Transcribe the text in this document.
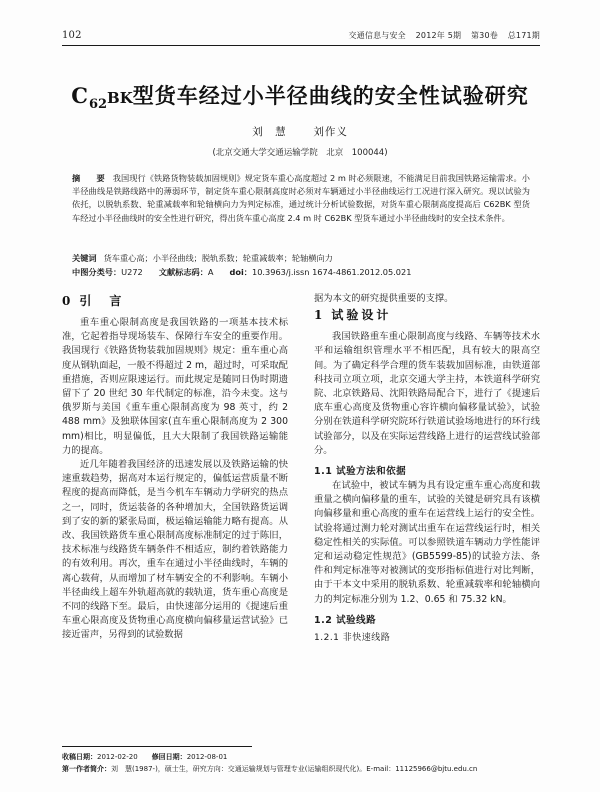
102	交通信息与安全 2012年 5期 第30卷 总171期
$C_{62}BK$型货车经过小半径曲线的安全性试验研究
刘　慧	刘作义
(北京交通大学交通运输学院　北京　100044)
摘　要 我国现行《铁路货物装载加固规则》规定货车重心高度超过 2 m 时必须限速，不能满足目前我国铁路运输需求。小半径曲线是铁路线路中的薄弱环节，制定货车重心限制高度时必须对车辆通过小半径曲线运行工况进行深入研究。现以试验为依托，以脱轨系数、轮重减载率和轮轴横向力为判定标准，通过统计分析试验数据，对货车重心限制高度提高后 C62BK 型货车经过小半径曲线时的安全性进行研究，得出货车重心高度 2.4 m 时 C62BK 型货车通过小半径曲线时的安全技术条件。
关键词 货车重心高；小半径曲线；脱轨系数；轮重减载率；轮轴横向力
中图分类号：U272 文献标志码：A doi：10.3963/j.issn 1674-4861.2012.05.021
0 引　言

重车重心限制高度是我国铁路的一项基本技术标准，它起着指导现场装车、保障行车安全的重要作用。我国现行《铁路货物装载加固规则》规定：重车重心高度从钢轨面起，一般不得超过 2 m，超过时，可采取配重措施，否则应限速运行。而此规定是随同日伪时期遗留下了 20 世纪 30 年代制定的标准，沿今未变。这与俄罗斯与美国《重车重心限制高度为 98 英寸，约 2 488 mm》及独联体国家(直车重心限制高度为 2 300 mm)相比，明显偏低，且大大限制了我国铁路运输能力的提高。

近几年随着我国经济的迅速发展以及铁路运输的快速重载趋势，据高对本运行规定的，偏低运营质量不断程度的提高而降低，是当今机车车辆动力学研究的热点之一，同时，货运装备的各种增加大，全国铁路货运调到了安的新的紧张局面，极运输运输能力略有提高。从改、我国铁路货车重心限制高度标准制定的过于陈旧，技术标准与线路货车辆条件不相适应，制约着铁路能力的有效利用。再次，重车在通过小半径曲线时，车辆的离心载荷，从而增加了材车辆安全的不利影响。车辆小半径曲线上超车外轨超高就的载轨道，货车重心高度是不同的线路下至。最后，由快速部分运用的《提速后重车重心限高度及货物重心高度横向偏移量运营试验》已接近雷声，另得到的试验数据

据为本文的研究提供重要的支撑。

1 试验设计

我国铁路重车重心限制高度与线路、车辆等技术水平和运输组织管理水平不相匹配，具有较大的限高空间。为了确定科学合理的货车装载加固标准，由铁道部科技司立项立项，北京交通大学主持，本铁道科学研究院、北京铁路局、沈阳铁路局配合下，进行了《提速后底车重心高度及货物重心容许横向偏移量试验》，试验分别在铁道科学研究院环行铁道试验场地进行的环行线试验部分，以及在实际运营线路上进行的运营线试验部分。

1.1 试验方法和依据

在试验中，被试车辆为具有设定重车重心高度和载重量之横向偏移量的重车，试验的关键是研究具有该横向偏移量和重心高度的重车在运营线上运行的安全性。试验将通过测力轮对测试出重车在运营线运行时，相关稳定性相关的实际值。可以参照铁道车辆动力学性能评定和运动稳定性规范》(GB5599-85)的试验方法、条件和判定标准等对被测试的变形指标值进行对比判断，由于干本文中采用的脱轨系数、轮重减载率和轮轴横向力的判定标准分别为 1.2、0.65 和 75.32 kN。

1.2 试验线路
1.2.1 非快速线路
收稿日期：2012-02-20 修回日期：2012-08-01
第一作者简介：刘　慧(1987-)，硕士生，研究方向：交通运输规划与管理专业(运输组织现代化)。E-mail：11125966@bjtu.edu.cn
